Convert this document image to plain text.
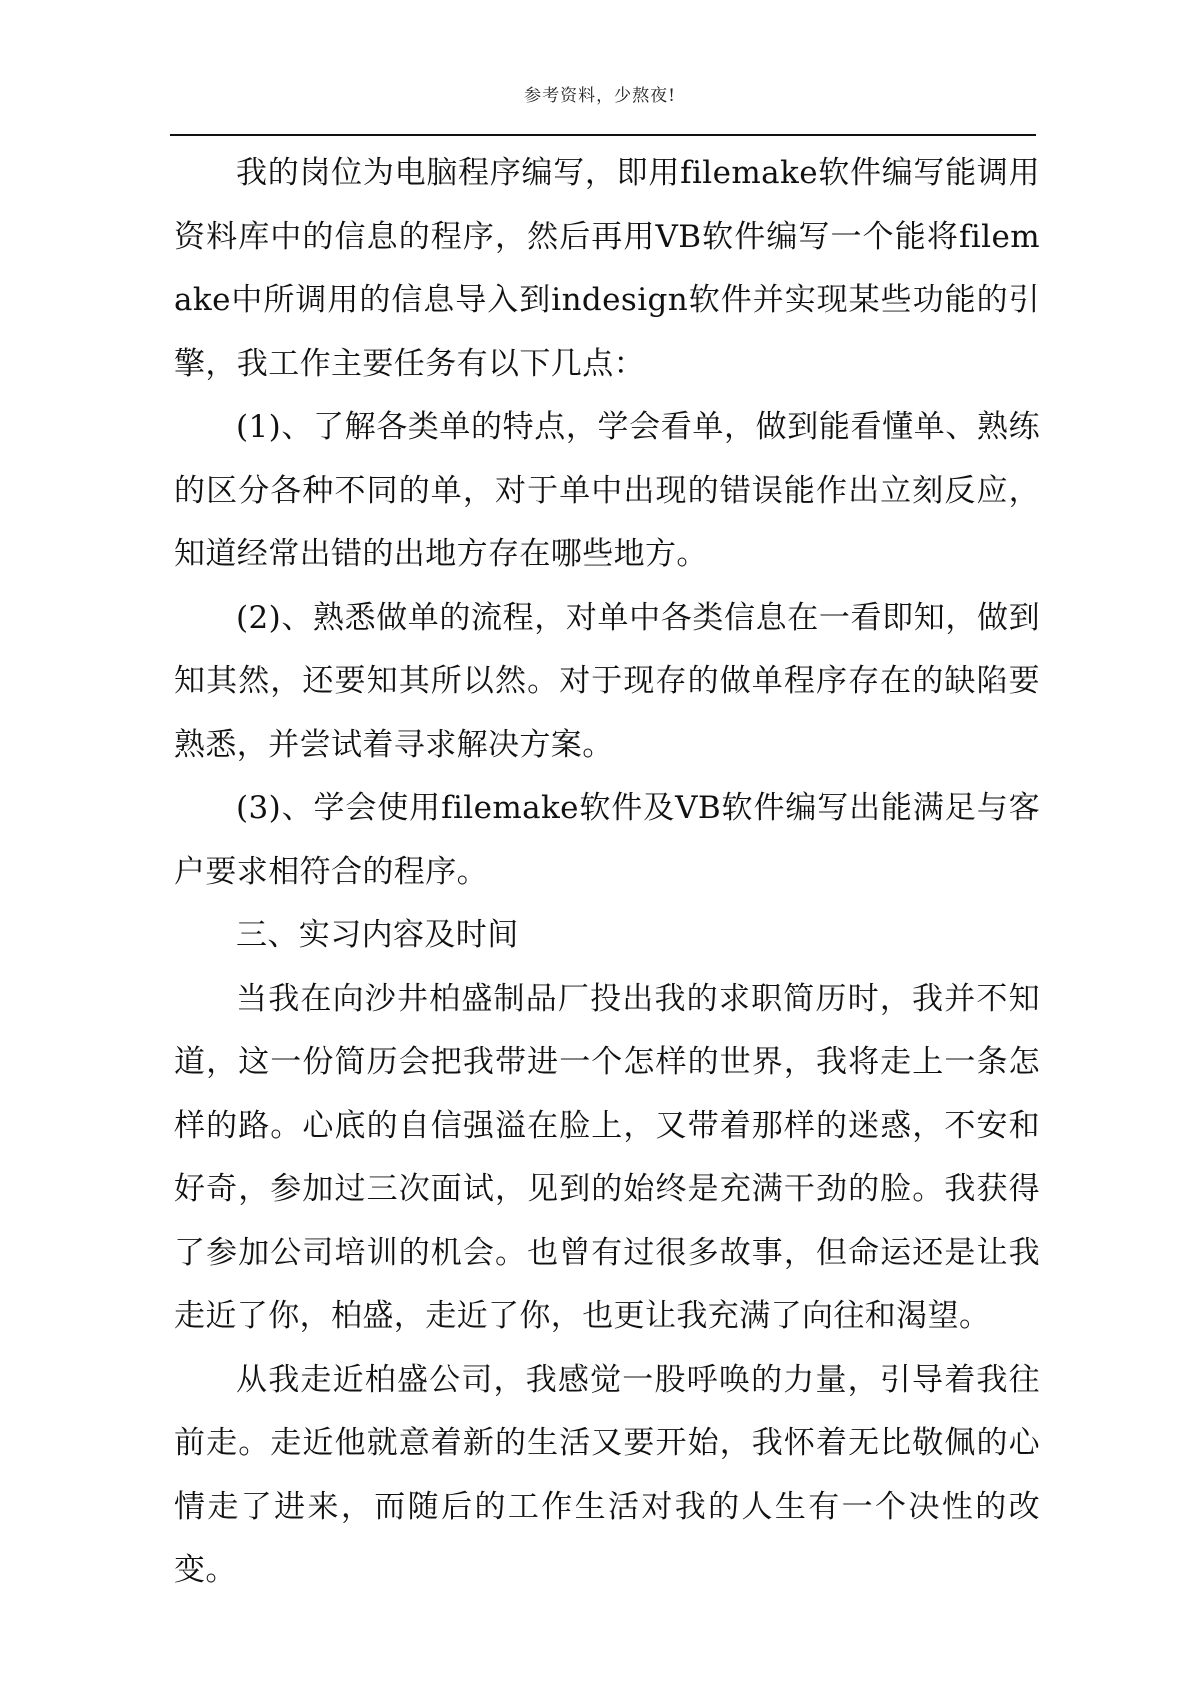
参考资料，少熬夜!

我的岗位为电脑程序编写，即用filemake软件编写能调用资料库中的信息的程序，然后再用VB软件编写一个能将filemake中所调用的信息导入到indesign软件并实现某些功能的引擎，我工作主要任务有以下几点：

(1)、了解各类单的特点，学会看单，做到能看懂单、熟练的区分各种不同的单，对于单中出现的错误能作出立刻反应，知道经常出错的出地方存在哪些地方。

(2)、熟悉做单的流程，对单中各类信息在一看即知，做到知其然，还要知其所以然。对于现存的做单程序存在的缺陷要熟悉，并尝试着寻求解决方案。

(3)、学会使用filemake软件及VB软件编写出能满足与客户要求相符合的程序。

三、实习内容及时间

当我在向沙井柏盛制品厂投出我的求职简历时，我并不知道，这一份简历会把我带进一个怎样的世界，我将走上一条怎样的路。心底的自信强溢在脸上，又带着那样的迷惑，不安和好奇，参加过三次面试，见到的始终是充满干劲的脸。我获得了参加公司培训的机会。也曾有过很多故事，但命运还是让我走近了你，柏盛，走近了你，也更让我充满了向往和渴望。

从我走近柏盛公司，我感觉一股呼唤的力量，引导着我往前走。走近他就意着新的生活又要开始，我怀着无比敬佩的心情走了进来，而随后的工作生活对我的人生有一个决性的改变。
